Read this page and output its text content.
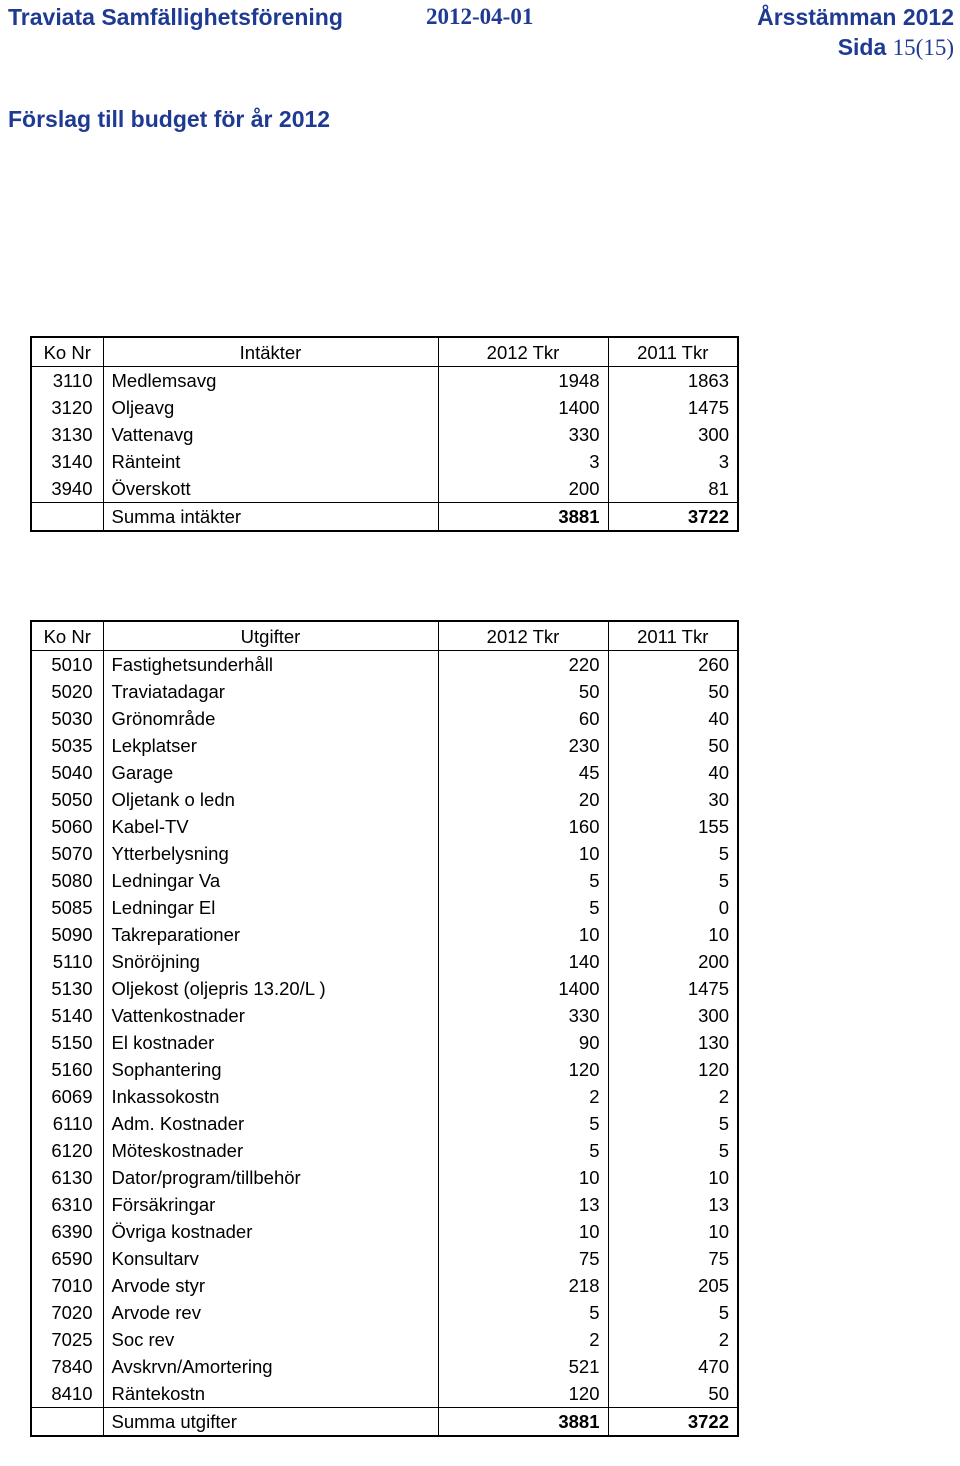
Traviata Samfällighetsförening	2012-04-01	Årsstämman 2012
Sida 15(15)
Förslag till budget för år 2012
Ko Nr	Intäkter	2012 Tkr	2011 Tkr
3110	Medlemsavg	1948	1863
3120	Oljeavg	1400	1475
3130	Vattenavg	330	300
3140	Ränteint	3	3
3940	Överskott	200	81
	Summa intäkter	3881	3722
Ko Nr	Utgifter	2012 Tkr	2011 Tkr
5010	Fastighetsunderhåll	220	260
5020	Traviatadagar	50	50
5030	Grönområde	60	40
5035	Lekplatser	230	50
5040	Garage	45	40
5050	Oljetank o ledn	20	30
5060	Kabel-TV	160	155
5070	Ytterbelysning	10	5
5080	Ledningar Va	5	5
5085	Ledningar El	5	0
5090	Takreparationer	10	10
5110	Snöröjning	140	200
5130	Oljekost (oljepris 13.20/L )	1400	1475
5140	Vattenkostnader	330	300
5150	El kostnader	90	130
5160	Sophantering	120	120
6069	Inkassokostn	2	2
6110	Adm. Kostnader	5	5
6120	Möteskostnader	5	5
6130	Dator/program/tillbehör	10	10
6310	Försäkringar	13	13
6390	Övriga kostnader	10	10
6590	Konsultarv	75	75
7010	Arvode styr	218	205
7020	Arvode rev	5	5
7025	Soc rev	2	2
7840	Avskrvn/Amortering	521	470
8410	Räntekostn	120	50
	Summa utgifter	3881	3722
